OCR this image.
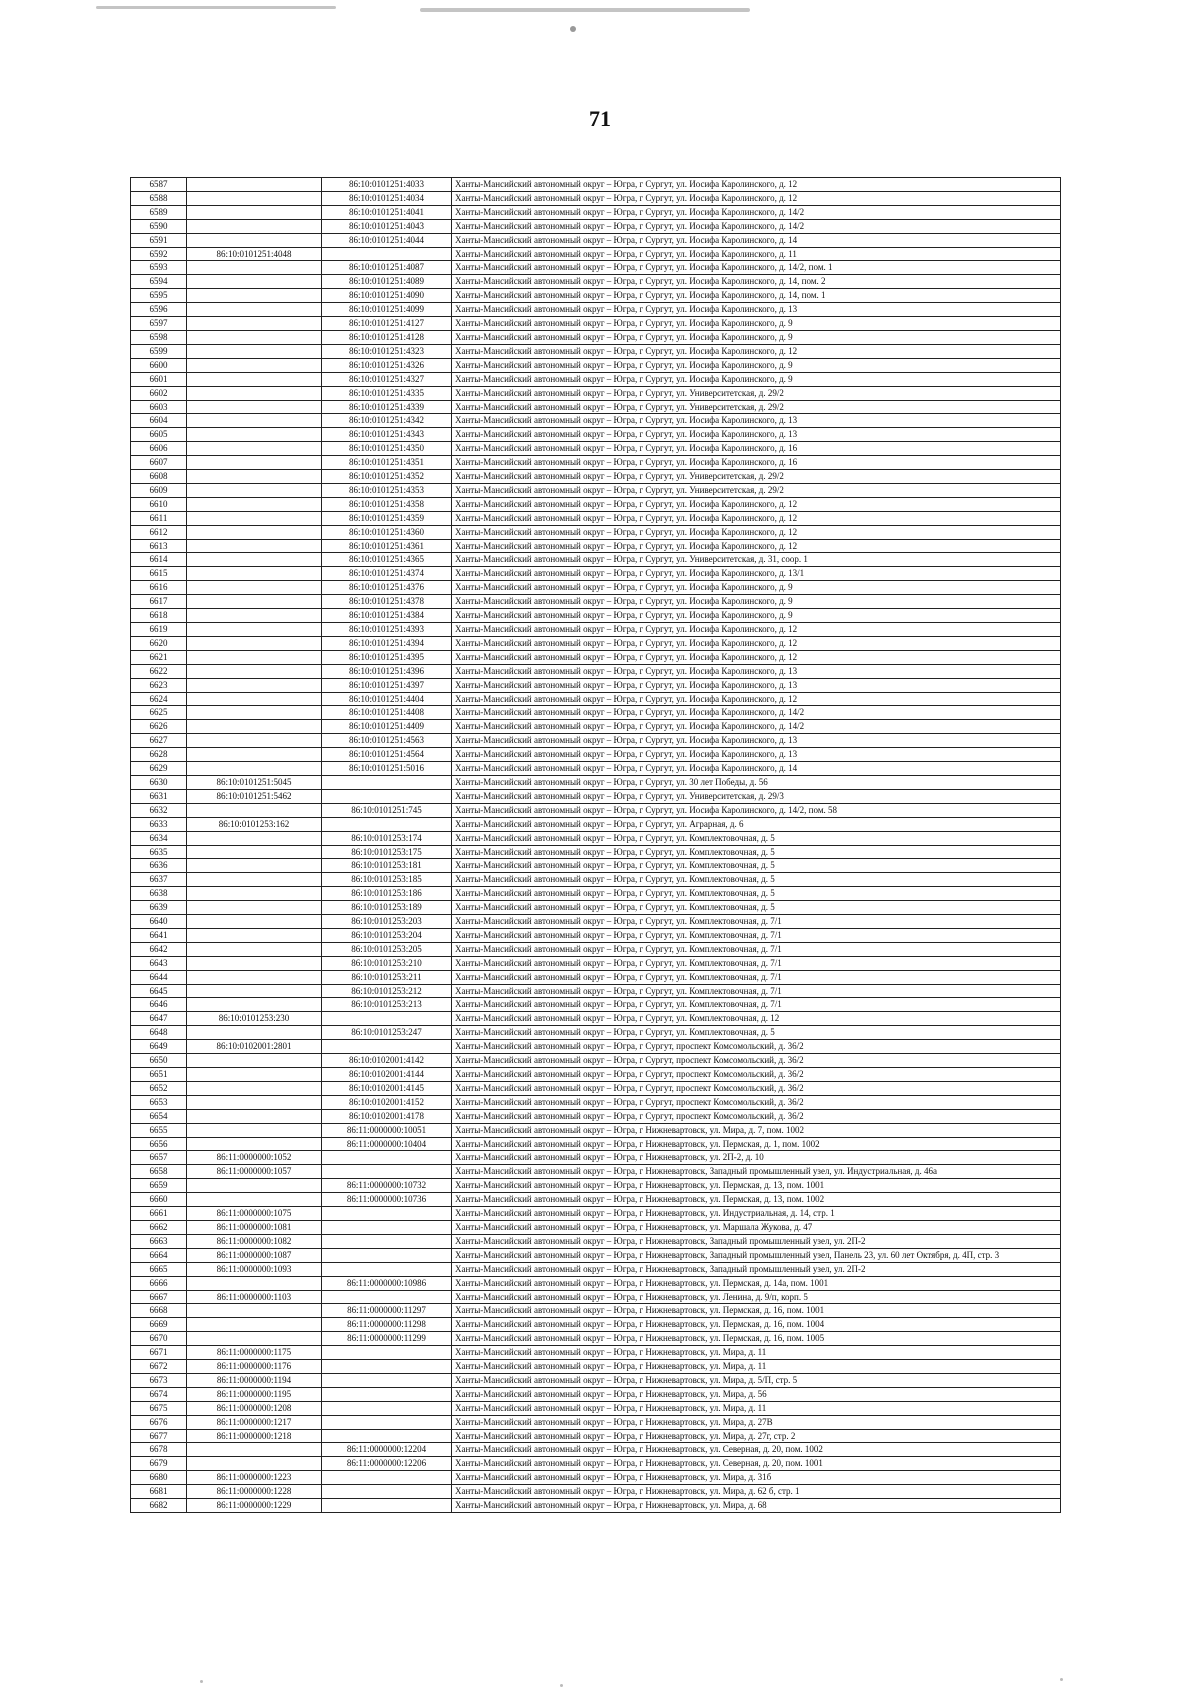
71
6587		86:10:0101251:4033	Ханты-Мансийский автономный округ – Югра, г Сургут, ул. Иосифа Каролинского, д. 12
6588		86:10:0101251:4034	Ханты-Мансийский автономный округ – Югра, г Сургут, ул. Иосифа Каролинского, д. 12
6589		86:10:0101251:4041	Ханты-Мансийский автономный округ – Югра, г Сургут, ул. Иосифа Каролинского, д. 14/2
6590		86:10:0101251:4043	Ханты-Мансийский автономный округ – Югра, г Сургут, ул. Иосифа Каролинского, д. 14/2
6591		86:10:0101251:4044	Ханты-Мансийский автономный округ – Югра, г Сургут, ул. Иосифа Каролинского, д. 14
6592	86:10:0101251:4048		Ханты-Мансийский автономный округ – Югра, г Сургут, ул. Иосифа Каролинского, д. 11
6593		86:10:0101251:4087	Ханты-Мансийский автономный округ – Югра, г Сургут, ул. Иосифа Каролинского, д. 14/2, пом. 1
6594		86:10:0101251:4089	Ханты-Мансийский автономный округ – Югра, г Сургут, ул. Иосифа Каролинского, д. 14, пом. 2
6595		86:10:0101251:4090	Ханты-Мансийский автономный округ – Югра, г Сургут, ул. Иосифа Каролинского, д. 14, пом. 1
6596		86:10:0101251:4099	Ханты-Мансийский автономный округ – Югра, г Сургут, ул. Иосифа Каролинского, д. 13
6597		86:10:0101251:4127	Ханты-Мансийский автономный округ – Югра, г Сургут, ул. Иосифа Каролинского, д. 9
6598		86:10:0101251:4128	Ханты-Мансийский автономный округ – Югра, г Сургут, ул. Иосифа Каролинского, д. 9
6599		86:10:0101251:4323	Ханты-Мансийский автономный округ – Югра, г Сургут, ул. Иосифа Каролинского, д. 12
6600		86:10:0101251:4326	Ханты-Мансийский автономный округ – Югра, г Сургут, ул. Иосифа Каролинского, д. 9
6601		86:10:0101251:4327	Ханты-Мансийский автономный округ – Югра, г Сургут, ул. Иосифа Каролинского, д. 9
6602		86:10:0101251:4335	Ханты-Мансийский автономный округ – Югра, г Сургут, ул. Университетская, д. 29/2
6603		86:10:0101251:4339	Ханты-Мансийский автономный округ – Югра, г Сургут, ул. Университетская, д. 29/2
6604		86:10:0101251:4342	Ханты-Мансийский автономный округ – Югра, г Сургут, ул. Иосифа Каролинского, д. 13
6605		86:10:0101251:4343	Ханты-Мансийский автономный округ – Югра, г Сургут, ул. Иосифа Каролинского, д. 13
6606		86:10:0101251:4350	Ханты-Мансийский автономный округ – Югра, г Сургут, ул. Иосифа Каролинского, д. 16
6607		86:10:0101251:4351	Ханты-Мансийский автономный округ – Югра, г Сургут, ул. Иосифа Каролинского, д. 16
6608		86:10:0101251:4352	Ханты-Мансийский автономный округ – Югра, г Сургут, ул. Университетская, д. 29/2
6609		86:10:0101251:4353	Ханты-Мансийский автономный округ – Югра, г Сургут, ул. Университетская, д. 29/2
6610		86:10:0101251:4358	Ханты-Мансийский автономный округ – Югра, г Сургут, ул. Иосифа Каролинского, д. 12
6611		86:10:0101251:4359	Ханты-Мансийский автономный округ – Югра, г Сургут, ул. Иосифа Каролинского, д. 12
6612		86:10:0101251:4360	Ханты-Мансийский автономный округ – Югра, г Сургут, ул. Иосифа Каролинского, д. 12
6613		86:10:0101251:4361	Ханты-Мансийский автономный округ – Югра, г Сургут, ул. Иосифа Каролинского, д. 12
6614		86:10:0101251:4365	Ханты-Мансийский автономный округ – Югра, г Сургут, ул. Университетская, д. 31, соор. 1
6615		86:10:0101251:4374	Ханты-Мансийский автономный округ – Югра, г Сургут, ул. Иосифа Каролинского, д. 13/1
6616		86:10:0101251:4376	Ханты-Мансийский автономный округ – Югра, г Сургут, ул. Иосифа Каролинского, д. 9
6617		86:10:0101251:4378	Ханты-Мансийский автономный округ – Югра, г Сургут, ул. Иосифа Каролинского, д. 9
6618		86:10:0101251:4384	Ханты-Мансийский автономный округ – Югра, г Сургут, ул. Иосифа Каролинского, д. 9
6619		86:10:0101251:4393	Ханты-Мансийский автономный округ – Югра, г Сургут, ул. Иосифа Каролинского, д. 12
6620		86:10:0101251:4394	Ханты-Мансийский автономный округ – Югра, г Сургут, ул. Иосифа Каролинского, д. 12
6621		86:10:0101251:4395	Ханты-Мансийский автономный округ – Югра, г Сургут, ул. Иосифа Каролинского, д. 12
6622		86:10:0101251:4396	Ханты-Мансийский автономный округ – Югра, г Сургут, ул. Иосифа Каролинского, д. 13
6623		86:10:0101251:4397	Ханты-Мансийский автономный округ – Югра, г Сургут, ул. Иосифа Каролинского, д. 13
6624		86:10:0101251:4404	Ханты-Мансийский автономный округ – Югра, г Сургут, ул. Иосифа Каролинского, д. 12
6625		86:10:0101251:4408	Ханты-Мансийский автономный округ – Югра, г Сургут, ул. Иосифа Каролинского, д. 14/2
6626		86:10:0101251:4409	Ханты-Мансийский автономный округ – Югра, г Сургут, ул. Иосифа Каролинского, д. 14/2
6627		86:10:0101251:4563	Ханты-Мансийский автономный округ – Югра, г Сургут, ул. Иосифа Каролинского, д. 13
6628		86:10:0101251:4564	Ханты-Мансийский автономный округ – Югра, г Сургут, ул. Иосифа Каролинского, д. 13
6629		86:10:0101251:5016	Ханты-Мансийский автономный округ – Югра, г Сургут, ул. Иосифа Каролинского, д. 14
6630	86:10:0101251:5045		Ханты-Мансийский автономный округ – Югра, г Сургут, ул. 30 лет Победы, д. 56
6631	86:10:0101251:5462		Ханты-Мансийский автономный округ – Югра, г Сургут, ул. Университетская, д. 29/3
6632		86:10:0101251:745	Ханты-Мансийский автономный округ – Югра, г Сургут, ул. Иосифа Каролинского, д. 14/2, пом. 58
6633	86:10:0101253:162		Ханты-Мансийский автономный округ – Югра, г Сургут, ул. Аграрная, д. 6
6634		86:10:0101253:174	Ханты-Мансийский автономный округ – Югра, г Сургут, ул. Комплектовочная, д. 5
6635		86:10:0101253:175	Ханты-Мансийский автономный округ – Югра, г Сургут, ул. Комплектовочная, д. 5
6636		86:10:0101253:181	Ханты-Мансийский автономный округ – Югра, г Сургут, ул. Комплектовочная, д. 5
6637		86:10:0101253:185	Ханты-Мансийский автономный округ – Югра, г Сургут, ул. Комплектовочная, д. 5
6638		86:10:0101253:186	Ханты-Мансийский автономный округ – Югра, г Сургут, ул. Комплектовочная, д. 5
6639		86:10:0101253:189	Ханты-Мансийский автономный округ – Югра, г Сургут, ул. Комплектовочная, д. 5
6640		86:10:0101253:203	Ханты-Мансийский автономный округ – Югра, г Сургут, ул. Комплектовочная, д. 7/1
6641		86:10:0101253:204	Ханты-Мансийский автономный округ – Югра, г Сургут, ул. Комплектовочная, д. 7/1
6642		86:10:0101253:205	Ханты-Мансийский автономный округ – Югра, г Сургут, ул. Комплектовочная, д. 7/1
6643		86:10:0101253:210	Ханты-Мансийский автономный округ – Югра, г Сургут, ул. Комплектовочная, д. 7/1
6644		86:10:0101253:211	Ханты-Мансийский автономный округ – Югра, г Сургут, ул. Комплектовочная, д. 7/1
6645		86:10:0101253:212	Ханты-Мансийский автономный округ – Югра, г Сургут, ул. Комплектовочная, д. 7/1
6646		86:10:0101253:213	Ханты-Мансийский автономный округ – Югра, г Сургут, ул. Комплектовочная, д. 7/1
6647	86:10:0101253:230		Ханты-Мансийский автономный округ – Югра, г Сургут, ул. Комплектовочная, д. 12
6648		86:10:0101253:247	Ханты-Мансийский автономный округ – Югра, г Сургут, ул. Комплектовочная, д. 5
6649	86:10:0102001:2801		Ханты-Мансийский автономный округ – Югра, г Сургут, проспект Комсомольский, д. 36/2
6650		86:10:0102001:4142	Ханты-Мансийский автономный округ – Югра, г Сургут, проспект Комсомольский, д. 36/2
6651		86:10:0102001:4144	Ханты-Мансийский автономный округ – Югра, г Сургут, проспект Комсомольский, д. 36/2
6652		86:10:0102001:4145	Ханты-Мансийский автономный округ – Югра, г Сургут, проспект Комсомольский, д. 36/2
6653		86:10:0102001:4152	Ханты-Мансийский автономный округ – Югра, г Сургут, проспект Комсомольский, д. 36/2
6654		86:10:0102001:4178	Ханты-Мансийский автономный округ – Югра, г Сургут, проспект Комсомольский, д. 36/2
6655		86:11:0000000:10051	Ханты-Мансийский автономный округ – Югра, г Нижневартовск, ул. Мира, д. 7, пом. 1002
6656		86:11:0000000:10404	Ханты-Мансийский автономный округ – Югра, г Нижневартовск, ул. Пермская, д. 1, пом. 1002
6657	86:11:0000000:1052		Ханты-Мансийский автономный округ – Югра, г Нижневартовск, ул. 2П-2, д. 10
6658	86:11:0000000:1057		Ханты-Мансийский автономный округ – Югра, г Нижневартовск, Западный промышленный узел, ул. Индустриальная, д. 46а
6659		86:11:0000000:10732	Ханты-Мансийский автономный округ – Югра, г Нижневартовск, ул. Пермская, д. 13, пом. 1001
6660		86:11:0000000:10736	Ханты-Мансийский автономный округ – Югра, г Нижневартовск, ул. Пермская, д. 13, пом. 1002
6661	86:11:0000000:1075		Ханты-Мансийский автономный округ – Югра, г Нижневартовск, ул. Индустриальная, д. 14, стр. 1
6662	86:11:0000000:1081		Ханты-Мансийский автономный округ – Югра, г Нижневартовск, ул. Маршала Жукова, д. 47
6663	86:11:0000000:1082		Ханты-Мансийский автономный округ – Югра, г Нижневартовск, Западный промышленный узел, ул. 2П-2
6664	86:11:0000000:1087		Ханты-Мансийский автономный округ – Югра, г Нижневартовск, Западный промышленный узел, Панель 23, ул. 60 лет Октября, д. 4П, стр. 3
6665	86:11:0000000:1093		Ханты-Мансийский автономный округ – Югра, г Нижневартовск, Западный промышленный узел, ул. 2П-2
6666		86:11:0000000:10986	Ханты-Мансийский автономный округ – Югра, г Нижневартовск, ул. Пермская, д. 14а, пом. 1001
6667	86:11:0000000:1103		Ханты-Мансийский автономный округ – Югра, г Нижневартовск, ул. Ленина, д. 9/п, корп. 5
6668		86:11:0000000:11297	Ханты-Мансийский автономный округ – Югра, г Нижневартовск, ул. Пермская, д. 16, пом. 1001
6669		86:11:0000000:11298	Ханты-Мансийский автономный округ – Югра, г Нижневартовск, ул. Пермская, д. 16, пом. 1004
6670		86:11:0000000:11299	Ханты-Мансийский автономный округ – Югра, г Нижневартовск, ул. Пермская, д. 16, пом. 1005
6671	86:11:0000000:1175		Ханты-Мансийский автономный округ – Югра, г Нижневартовск, ул. Мира, д. 11
6672	86:11:0000000:1176		Ханты-Мансийский автономный округ – Югра, г Нижневартовск, ул. Мира, д. 11
6673	86:11:0000000:1194		Ханты-Мансийский автономный округ – Югра, г Нижневартовск, ул. Мира, д. 5/П, стр. 5
6674	86:11:0000000:1195		Ханты-Мансийский автономный округ – Югра, г Нижневартовск, ул. Мира, д. 56
6675	86:11:0000000:1208		Ханты-Мансийский автономный округ – Югра, г Нижневартовск, ул. Мира, д. 11
6676	86:11:0000000:1217		Ханты-Мансийский автономный округ – Югра, г Нижневартовск, ул. Мира, д. 27В
6677	86:11:0000000:1218		Ханты-Мансийский автономный округ – Югра, г Нижневартовск, ул. Мира, д. 27г, стр. 2
6678		86:11:0000000:12204	Ханты-Мансийский автономный округ – Югра, г Нижневартовск, ул. Северная, д. 20, пом. 1002
6679		86:11:0000000:12206	Ханты-Мансийский автономный округ – Югра, г Нижневартовск, ул. Северная, д. 20, пом. 1001
6680	86:11:0000000:1223		Ханты-Мансийский автономный округ – Югра, г Нижневартовск, ул. Мира, д. 31б
6681	86:11:0000000:1228		Ханты-Мансийский автономный округ – Югра, г Нижневартовск, ул. Мира, д. 62 б, стр. 1
6682	86:11:0000000:1229		Ханты-Мансийский автономный округ – Югра, г Нижневартовск, ул. Мира, д. 68
